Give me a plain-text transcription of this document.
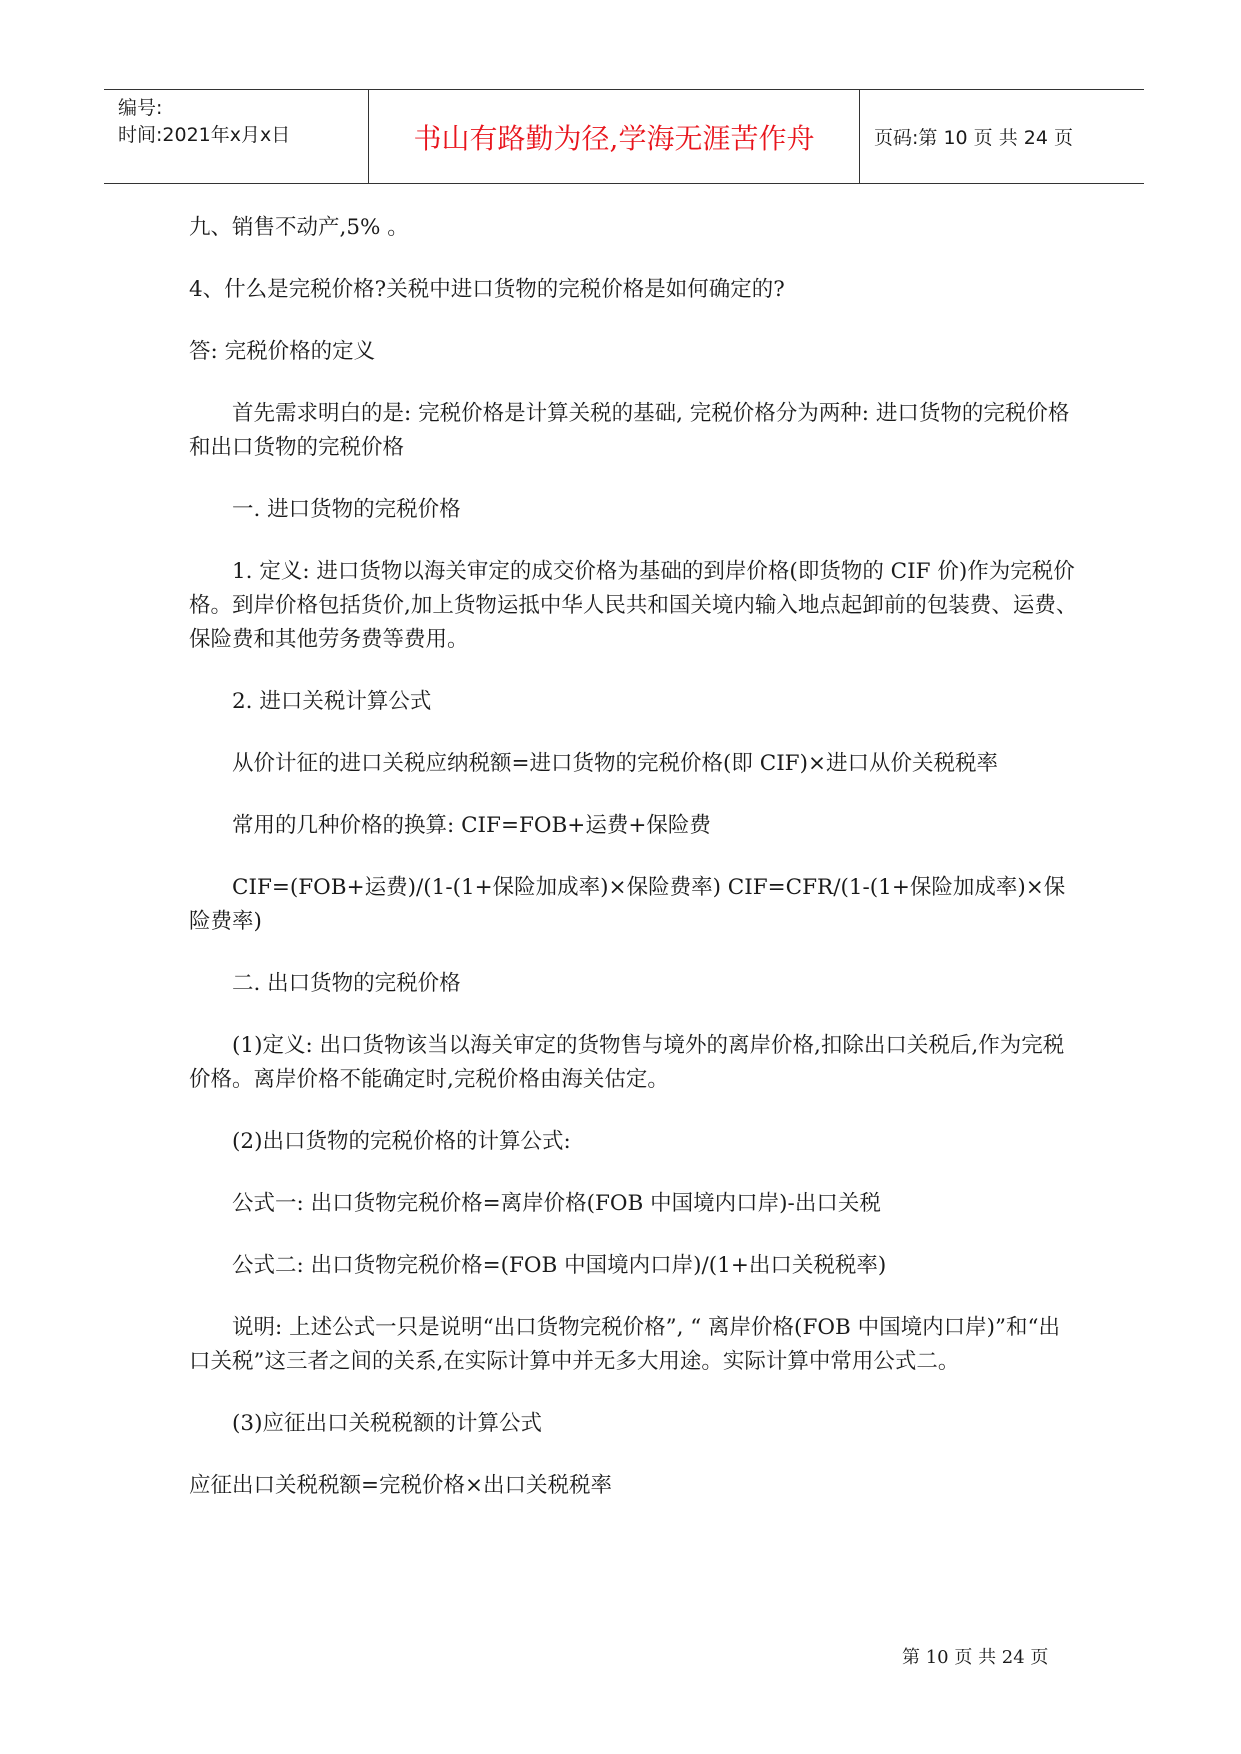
编号:
时间:2021年x月x日	书山有路勤为径,学海无涯苦作舟	页码:第 10 页 共 24 页

九、销售不动产,5% 。

4、什么是完税价格?关税中进口货物的完税价格是如何确定的?

答: 完税价格的定义

首先需求明白的是: 完税价格是计算关税的基础, 完税价格分为两种: 进口货物的完税价格和出口货物的完税价格

一. 进口货物的完税价格

1. 定义: 进口货物以海关审定的成交价格为基础的到岸价格(即货物的 CIF 价)作为完税价格。到岸价格包括货价,加上货物运抵中华人民共和国关境内输入地点起卸前的包装费、运费、保险费和其他劳务费等费用。

2. 进口关税计算公式

从价计征的进口关税应纳税额=进口货物的完税价格(即 CIF)×进口从价关税税率

常用的几种价格的换算: CIF=FOB+运费+保险费

CIF=(FOB+运费)/(1-(1+保险加成率)×保险费率) CIF=CFR/(1-(1+保险加成率)×保险费率)

二. 出口货物的完税价格

(1)定义: 出口货物该当以海关审定的货物售与境外的离岸价格,扣除出口关税后,作为完税价格。离岸价格不能确定时,完税价格由海关估定。

(2)出口货物的完税价格的计算公式:

公式一: 出口货物完税价格=离岸价格(FOB 中国境内口岸)-出口关税

公式二: 出口货物完税价格=(FOB 中国境内口岸)/(1+出口关税税率)

说明: 上述公式一只是说明“出口货物完税价格”, “ 离岸价格(FOB 中国境内口岸)”和“出口关税”这三者之间的关系,在实际计算中并无多大用途。实际计算中常用公式二。

(3)应征出口关税税额的计算公式

应征出口关税税额=完税价格×出口关税税率

第 10 页 共 24 页
